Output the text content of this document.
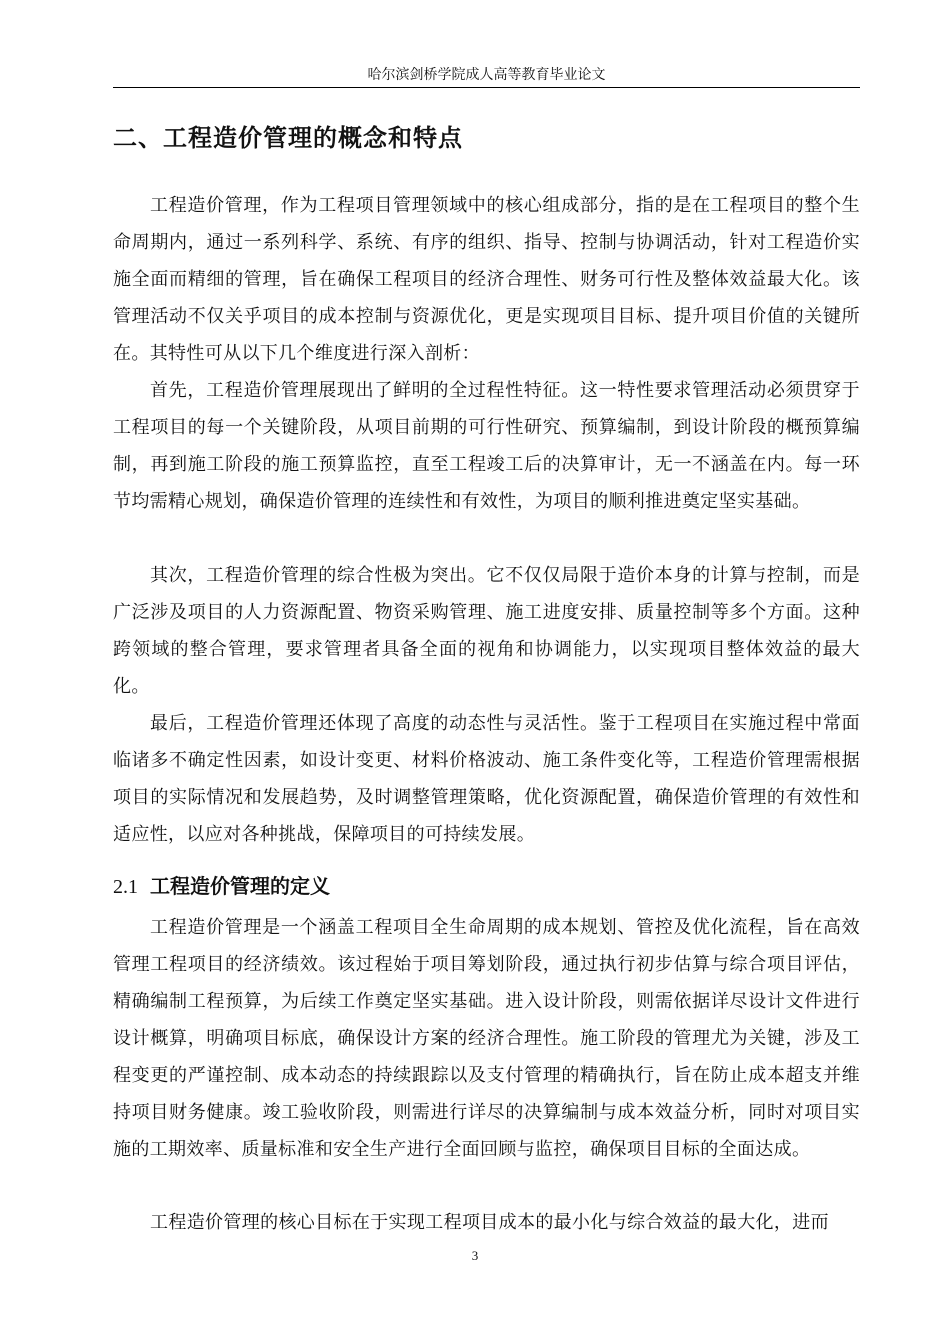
哈尔滨剑桥学院成人高等教育毕业论文
二、工程造价管理的概念和特点

工程造价管理，作为工程项目管理领域中的核心组成部分，指的是在工程项目的整个生命周期内，通过一系列科学、系统、有序的组织、指导、控制与协调活动，针对工程造价实施全面而精细的管理，旨在确保工程项目的经济合理性、财务可行性及整体效益最大化。该管理活动不仅关乎项目的成本控制与资源优化，更是实现项目目标、提升项目价值的关键所在。其特性可从以下几个维度进行深入剖析：

首先，工程造价管理展现出了鲜明的全过程性特征。这一特性要求管理活动必须贯穿于工程项目的每一个关键阶段，从项目前期的可行性研究、预算编制，到设计阶段的概预算编制，再到施工阶段的施工预算监控，直至工程竣工后的决算审计，无一不涵盖在内。每一环节均需精心规划，确保造价管理的连续性和有效性，为项目的顺利推进奠定坚实基础。

其次，工程造价管理的综合性极为突出。它不仅仅局限于造价本身的计算与控制，而是广泛涉及项目的人力资源配置、物资采购管理、施工进度安排、质量控制等多个方面。这种跨领域的整合管理，要求管理者具备全面的视角和协调能力，以实现项目整体效益的最大化。

最后，工程造价管理还体现了高度的动态性与灵活性。鉴于工程项目在实施过程中常面临诸多不确定性因素，如设计变更、材料价格波动、施工条件变化等，工程造价管理需根据项目的实际情况和发展趋势，及时调整管理策略，优化资源配置，确保造价管理的有效性和适应性，以应对各种挑战，保障项目的可持续发展。

2.1 工程造价管理的定义

工程造价管理是一个涵盖工程项目全生命周期的成本规划、管控及优化流程，旨在高效管理工程项目的经济绩效。该过程始于项目筹划阶段，通过执行初步估算与综合项目评估，精确编制工程预算，为后续工作奠定坚实基础。进入设计阶段，则需依据详尽设计文件进行设计概算，明确项目标底，确保设计方案的经济合理性。施工阶段的管理尤为关键，涉及工程变更的严谨控制、成本动态的持续跟踪以及支付管理的精确执行，旨在防止成本超支并维持项目财务健康。竣工验收阶段，则需进行详尽的决算编制与成本效益分析，同时对项目实施的工期效率、质量标准和安全生产进行全面回顾与监控，确保项目目标的全面达成。

工程造价管理的核心目标在于实现工程项目成本的最小化与综合效益的最大化，进而

3
